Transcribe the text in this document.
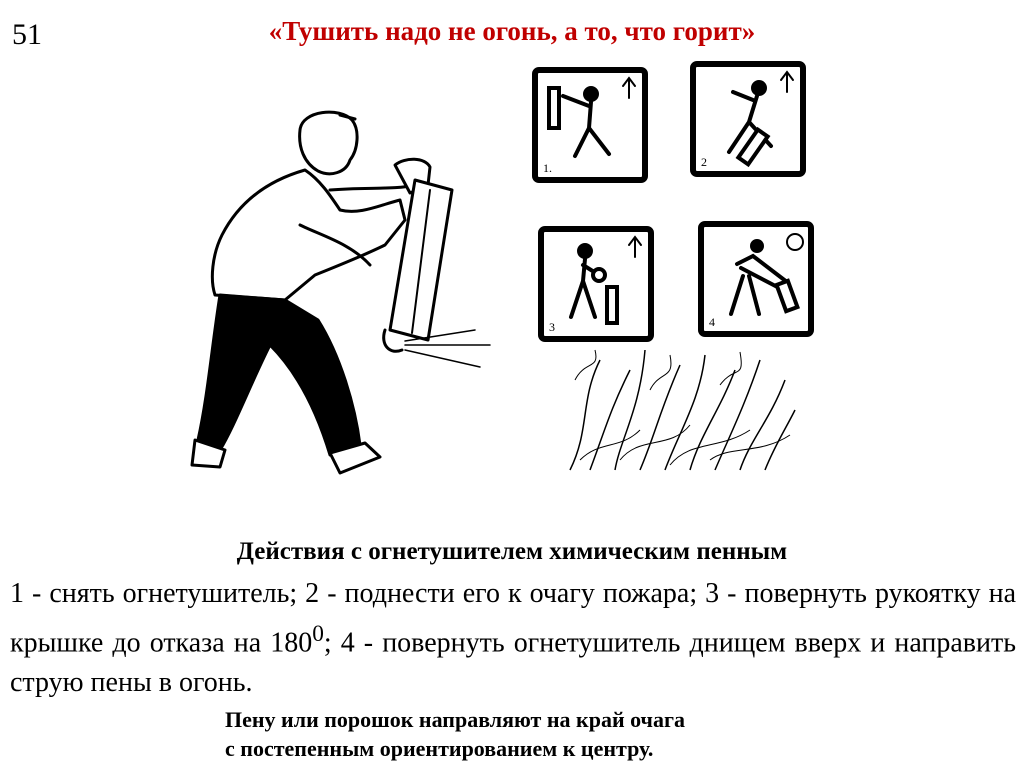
51	«Тушить надо не огонь, а то, что горит»
1.	2
3	4
Действия с огнетушителем химическим пенным
1 - снять огнетушитель; 2 - поднести его к очагу пожара; 3 - повернуть рукоятку на крышке до отказа на $180^0$; 4 - повернуть огнетушитель днищем вверх и направить струю пены в огонь.
Пену или порошок направляют на край очага
с постепенным ориентированием к центру.
